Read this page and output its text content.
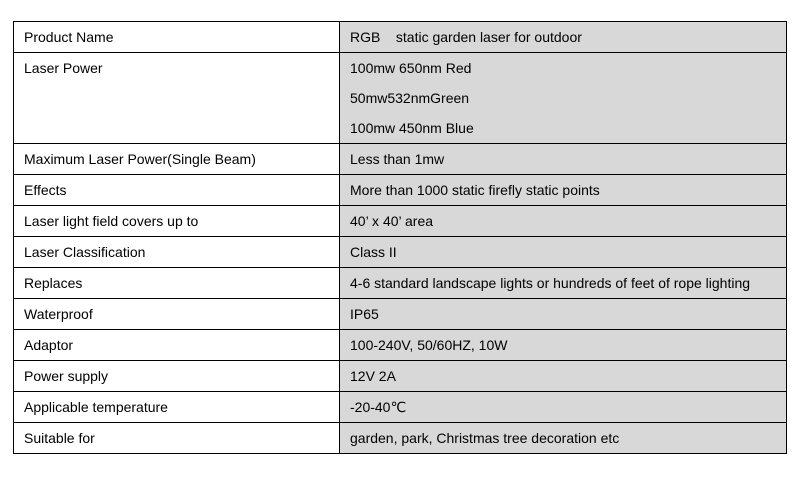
Product Name	RGB    static garden laser for outdoor

Laser Power	100mw 650nm Red
50mw532nmGreen
100mw 450nm Blue

Maximum Laser Power(Single Beam)	Less than 1mw

Effects	More than 1000 static firefly static points

Laser light field covers up to	40’ x 40’ area

Laser Classification	Class II

Replaces	4-6 standard landscape lights or hundreds of feet of rope lighting

Waterproof	IP65

Adaptor	100-240V, 50/60HZ, 10W

Power supply	12V 2A

Applicable temperature	-20-40℃

Suitable for	garden, park, Christmas tree decoration etc
